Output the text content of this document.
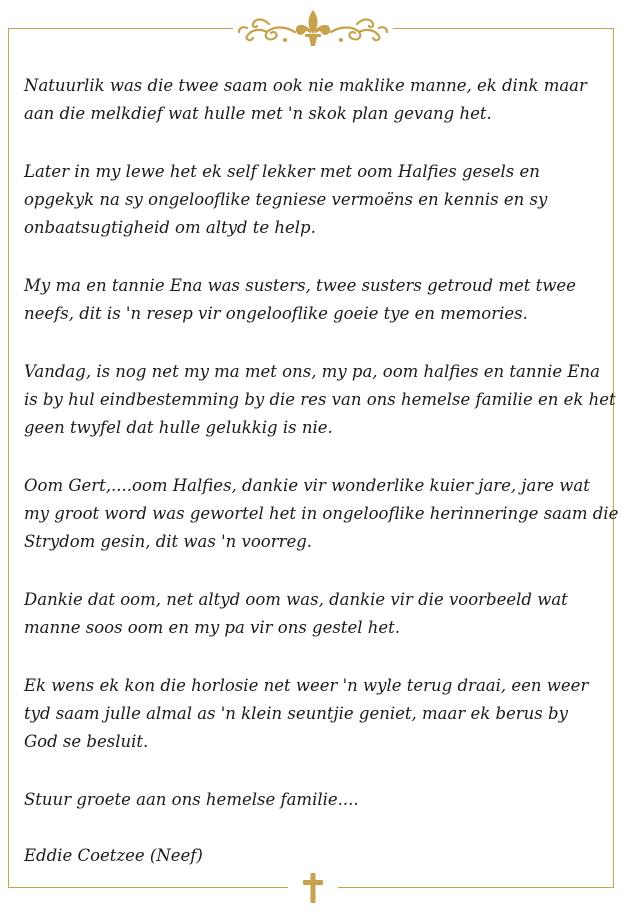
Natuurlik was die twee saam ook nie maklike manne, ek dink maar
aan die melkdief wat hulle met 'n skok plan gevang het.

Later in my lewe het ek self lekker met oom Halfies gesels en
opgekyk na sy ongelooflike tegniese vermoëns en kennis en sy
onbaatsugtigheid om altyd te help.

My ma en tannie Ena was susters, twee susters getroud met twee
neefs, dit is 'n resep vir ongelooflike goeie tye en memories.

Vandag, is nog net my ma met ons, my pa, oom halfies en tannie Ena
is by hul eindbestemming by die res van ons hemelse familie en ek het
geen twyfel dat hulle gelukkig is nie.

Oom Gert,....oom Halfies, dankie vir wonderlike kuier jare, jare wat
my groot word was gewortel het in ongelooflike herinneringe saam die
Strydom gesin, dit was 'n voorreg.

Dankie dat oom, net altyd oom was, dankie vir die voorbeeld wat
manne soos oom en my pa vir ons gestel het.

Ek wens ek kon die horlosie net weer 'n wyle terug draai, een weer
tyd saam julle almal as 'n klein seuntjie geniet, maar ek berus by
God se besluit.

Stuur groete aan ons hemelse familie....

Eddie Coetzee (Neef)
